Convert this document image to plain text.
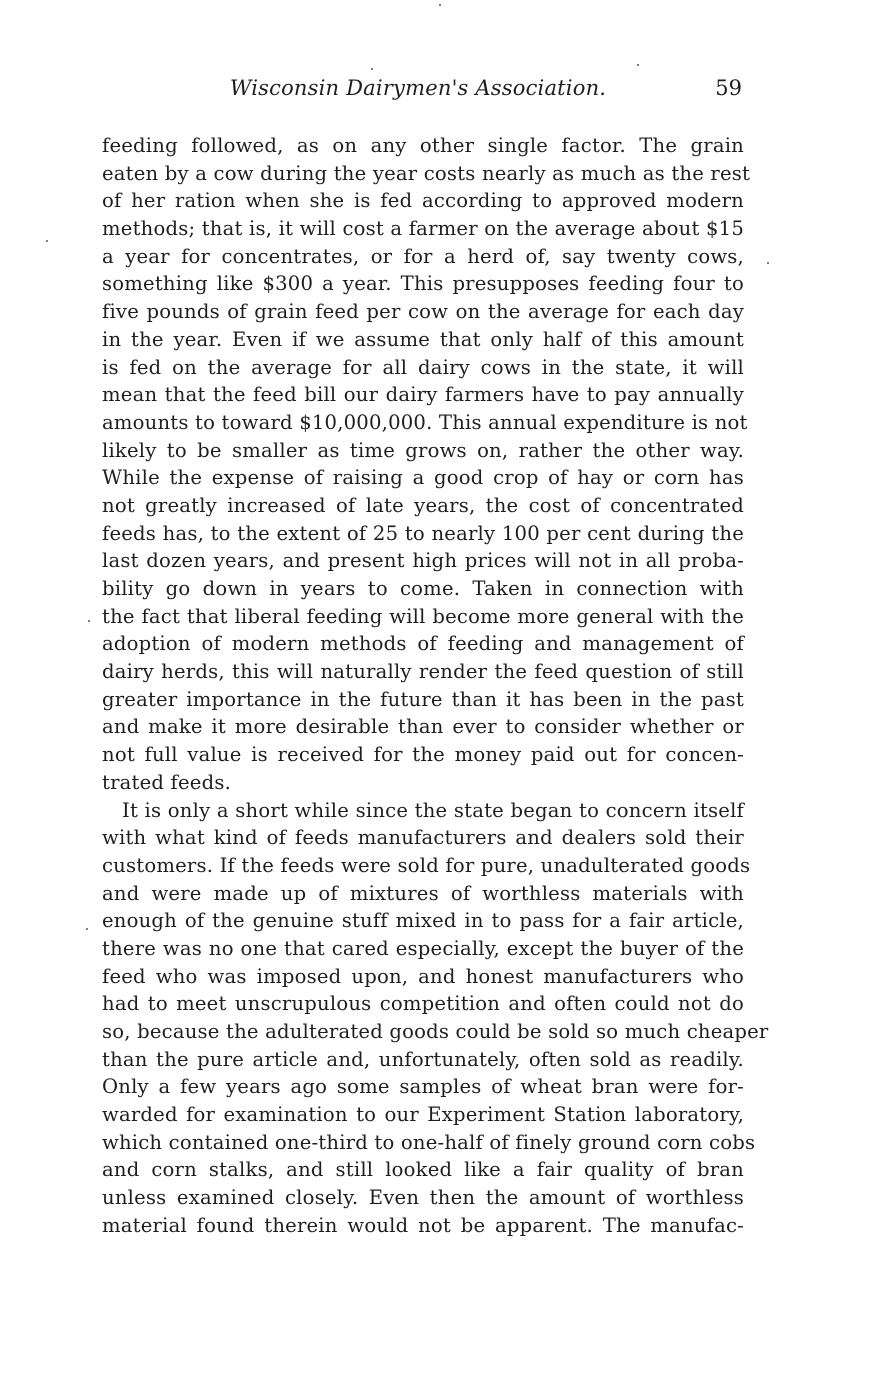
Wisconsin Dairymen's Association.	59
feeding followed, as on any other single factor. The grain
eaten by a cow during the year costs nearly as much as the rest
of her ration when she is fed according to approved modern
methods; that is, it will cost a farmer on the average about $15
a year for concentrates, or for a herd of, say twenty cows,
something like $300 a year. This presupposes feeding four to
five pounds of grain feed per cow on the average for each day
in the year. Even if we assume that only half of this amount
is fed on the average for all dairy cows in the state, it will
mean that the feed bill our dairy farmers have to pay annually
amounts to toward $10,000,000. This annual expenditure is not
likely to be smaller as time grows on, rather the other way.
While the expense of raising a good crop of hay or corn has
not greatly increased of late years, the cost of concentrated
feeds has, to the extent of 25 to nearly 100 per cent during the
last dozen years, and present high prices will not in all proba-
bility go down in years to come. Taken in connection with
the fact that liberal feeding will become more general with the
adoption of modern methods of feeding and management of
dairy herds, this will naturally render the feed question of still
greater importance in the future than it has been in the past
and make it more desirable than ever to consider whether or
not full value is received for the money paid out for concen-
trated feeds.
It is only a short while since the state began to concern itself
with what kind of feeds manufacturers and dealers sold their
customers. If the feeds were sold for pure, unadulterated goods
and were made up of mixtures of worthless materials with
enough of the genuine stuff mixed in to pass for a fair article,
there was no one that cared especially, except the buyer of the
feed who was imposed upon, and honest manufacturers who
had to meet unscrupulous competition and often could not do
so, because the adulterated goods could be sold so much cheaper
than the pure article and, unfortunately, often sold as readily.
Only a few years ago some samples of wheat bran were for-
warded for examination to our Experiment Station laboratory,
which contained one-third to one-half of finely ground corn cobs
and corn stalks, and still looked like a fair quality of bran
unless examined closely. Even then the amount of worthless
material found therein would not be apparent. The manufac-
